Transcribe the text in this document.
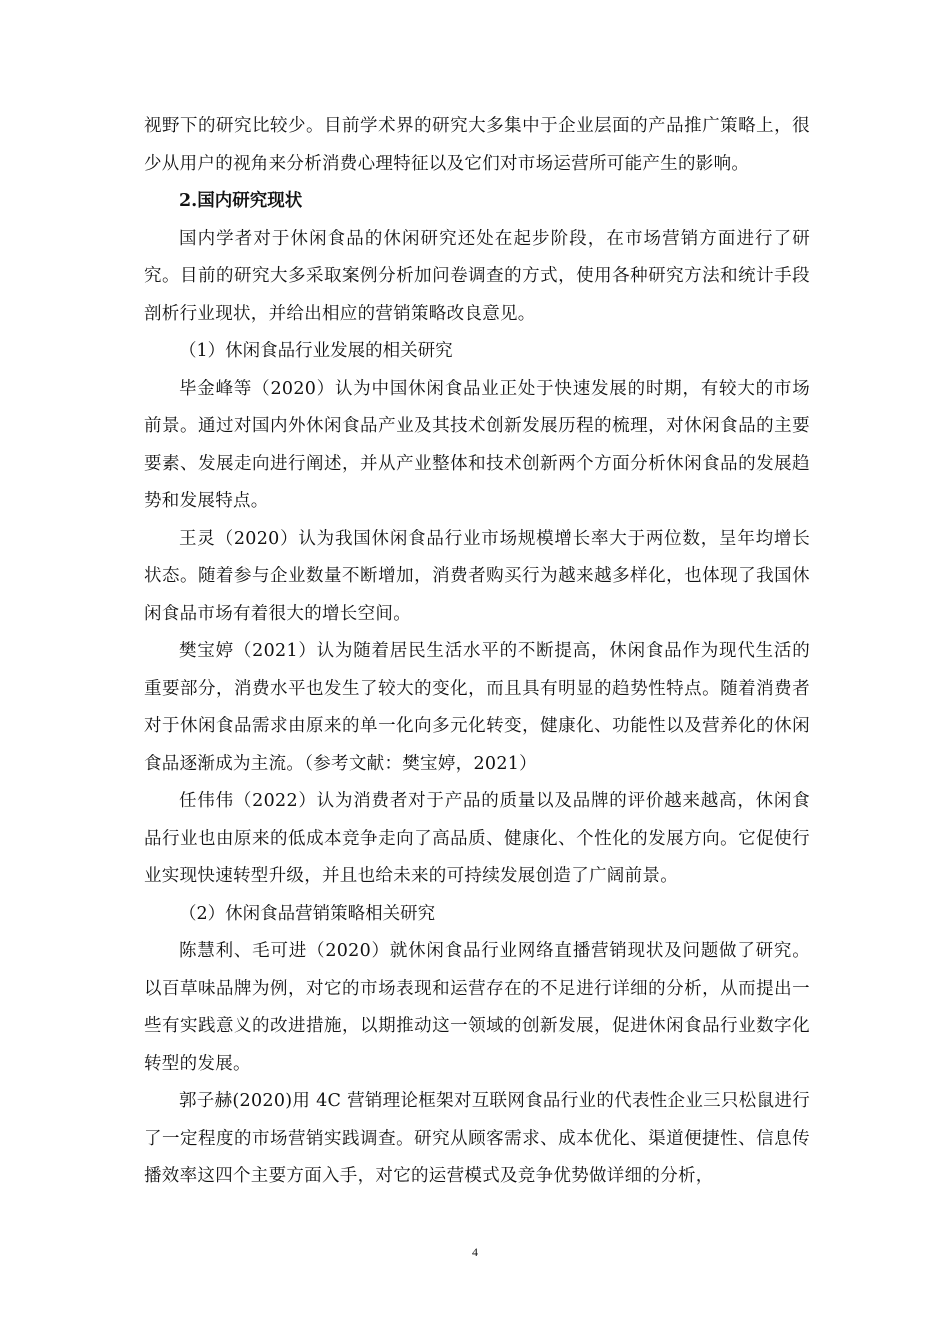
视野下的研究比较少。目前学术界的研究大多集中于企业层面的产品推广策略上，很少从用户的视角来分析消费心理特征以及它们对市场运营所可能产生的影响。

2.国内研究现状

国内学者对于休闲食品的休闲研究还处在起步阶段，在市场营销方面进行了研究。目前的研究大多采取案例分析加问卷调查的方式，使用各种研究方法和统计手段剖析行业现状，并给出相应的营销策略改良意见。

（1）休闲食品行业发展的相关研究

毕金峰等（2020）认为中国休闲食品业正处于快速发展的时期，有较大的市场前景。通过对国内外休闲食品产业及其技术创新发展历程的梳理，对休闲食品的主要要素、发展走向进行阐述，并从产业整体和技术创新两个方面分析休闲食品的发展趋势和发展特点。

王灵（2020）认为我国休闲食品行业市场规模增长率大于两位数，呈年均增长状态。随着参与企业数量不断增加，消费者购买行为越来越多样化，也体现了我国休闲食品市场有着很大的增长空间。

樊宝婷（2021）认为随着居民生活水平的不断提高，休闲食品作为现代生活的重要部分，消费水平也发生了较大的变化，而且具有明显的趋势性特点。随着消费者对于休闲食品需求由原来的单一化向多元化转变，健康化、功能性以及营养化的休闲食品逐渐成为主流。（参考文献：樊宝婷，2021）

任伟伟（2022）认为消费者对于产品的质量以及品牌的评价越来越高，休闲食品行业也由原来的低成本竞争走向了高品质、健康化、个性化的发展方向。它促使行业实现快速转型升级，并且也给未来的可持续发展创造了广阔前景。

（2）休闲食品营销策略相关研究

陈慧利、毛可进（2020）就休闲食品行业网络直播营销现状及问题做了研究。以百草味品牌为例，对它的市场表现和运营存在的不足进行详细的分析，从而提出一些有实践意义的改进措施，以期推动这一领域的创新发展，促进休闲食品行业数字化转型的发展。

郭子赫(2020)用 4C 营销理论框架对互联网食品行业的代表性企业三只松鼠进行了一定程度的市场营销实践调查。研究从顾客需求、成本优化、渠道便捷性、信息传播效率这四个主要方面入手，对它的运营模式及竞争优势做详细的分析，

4
